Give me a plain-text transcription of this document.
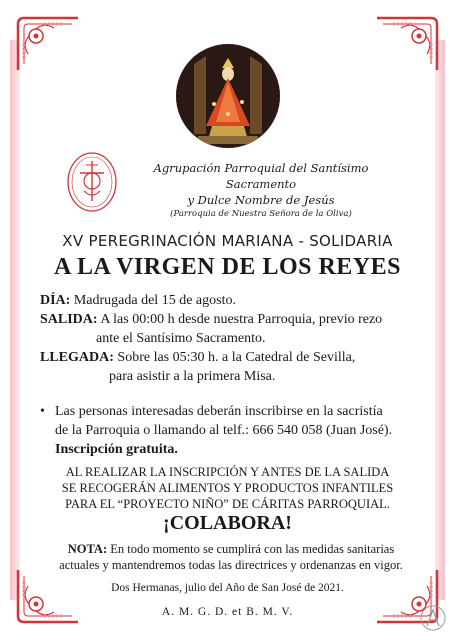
Agrupación Parroquial del Santísimo Sacramento
y Dulce Nombre de Jesús
(Parroquia de Nuestra Señora de la Oliva)
XV PEREGRINACIÓN MARIANA - SOLIDARIA
A LA VIRGEN DE LOS REYES
DÍA: Madrugada del 15 de agosto.
SALIDA: A las 00:00 h desde nuestra Parroquia, previo rezo
ante el Santísimo Sacramento.
LLEGADA: Sobre las 05:30 h. a la Catedral de Sevilla,
para asistir a la primera Misa.
• Las personas interesadas deberán inscribirse en la sacristía
de la Parroquia o llamando al telf.: 666 540 058 (Juan José).
Inscripción gratuita.
AL REALIZAR LA INSCRIPCIÓN Y ANTES DE LA SALIDA
SE RECOGERÁN ALIMENTOS Y PRODUCTOS INFANTILES
PARA EL “PROYECTO NIÑO” DE CÁRITAS PARROQUIAL.
¡COLABORA!
NOTA: En todo momento se cumplirá con las medidas sanitarias
actuales y mantendremos todas las directrices y ordenanzas en vigor.
Dos Hermanas, julio del Año de San José de 2021.
A. M. G. D. et B. M. V.
